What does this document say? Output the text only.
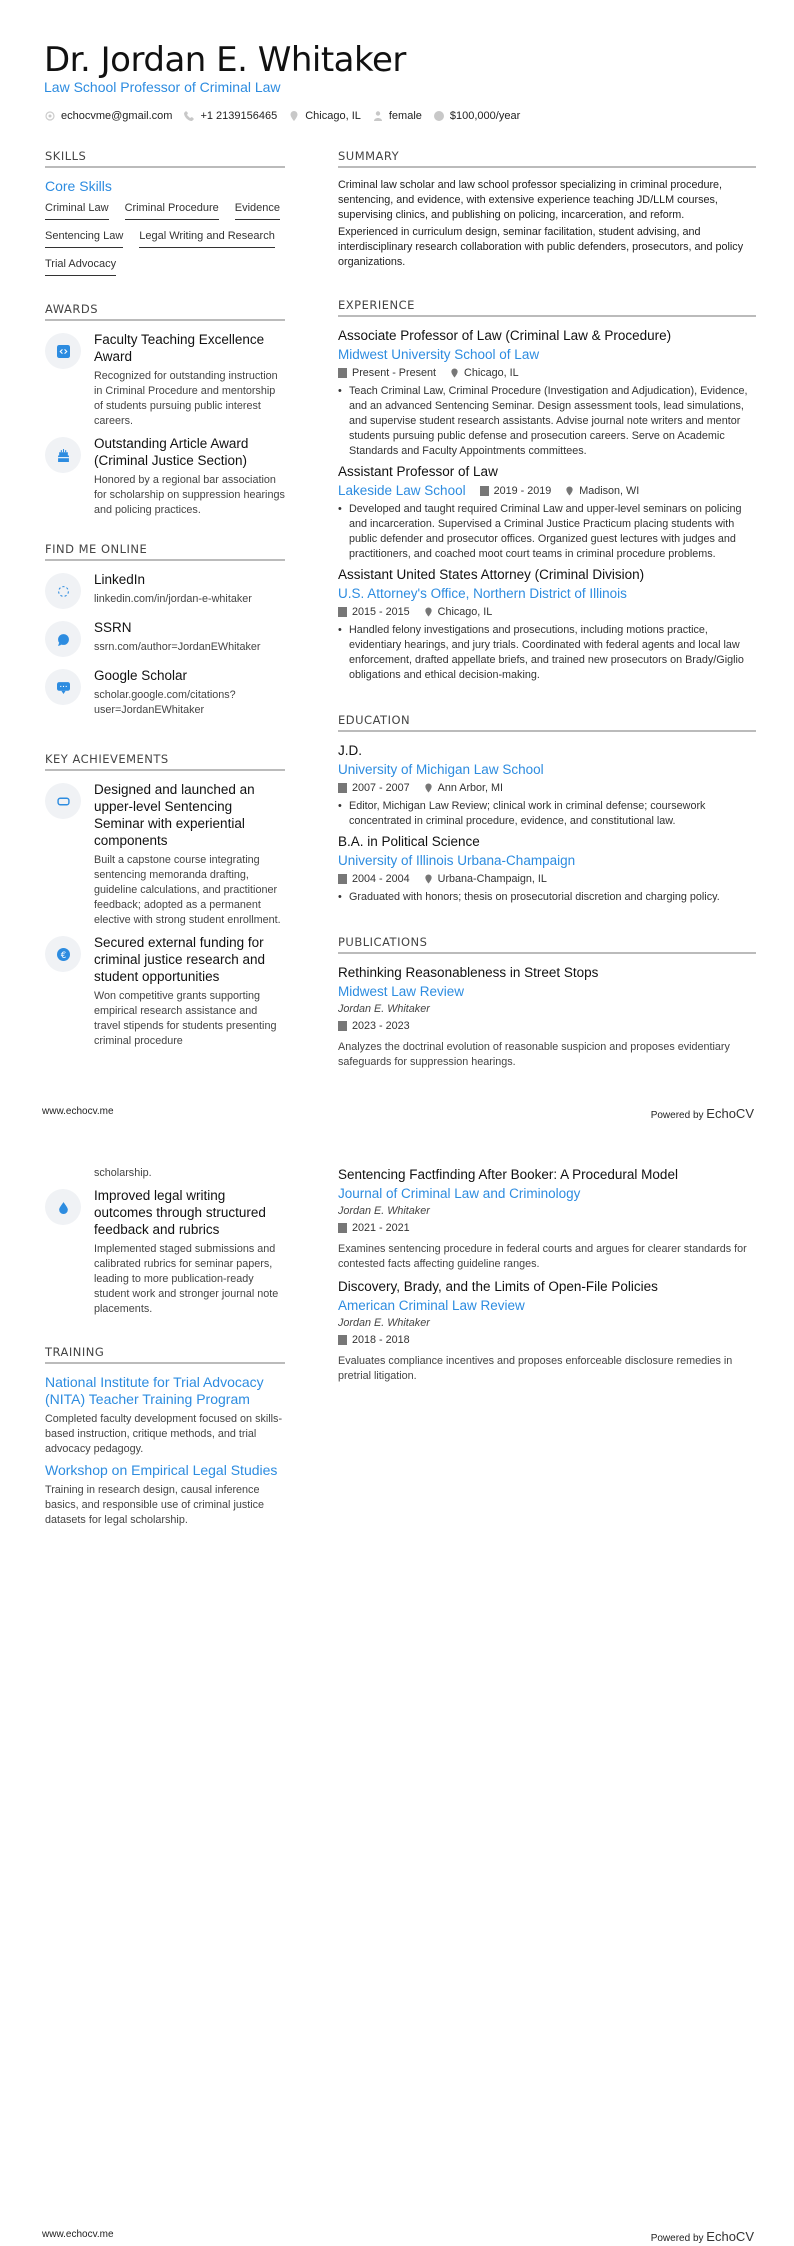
Dr. Jordan E. Whitaker
Law School Professor of Criminal Law
echocvme@gmail.com	+1 2139156465	Chicago, IL	female	$100,000/year
SKILLS
Core Skills
Criminal Law Criminal Procedure Evidence
Sentencing Law Legal Writing and Research
Trial Advocacy
AWARDS
Faculty Teaching Excellence Award
Recognized for outstanding instruction in Criminal Procedure and mentorship of students pursuing public interest careers.
Outstanding Article Award (Criminal Justice Section)
Honored by a regional bar association for scholarship on suppression hearings and policing practices.
FIND ME ONLINE
LinkedIn
linkedin.com/in/jordan-e-whitaker
SSRN
ssrn.com/author=JordanEWhitaker
Google Scholar
scholar.google.com/citations? user=JordanEWhitaker
KEY ACHIEVEMENTS
Designed and launched an upper-level Sentencing Seminar with experiential components
Built a capstone course integrating sentencing memoranda drafting, guideline calculations, and practitioner feedback; adopted as a permanent elective with strong student enrollment.
€
Secured external funding for criminal justice research and student opportunities
Won competitive grants supporting empirical research assistance and travel stipends for students presenting criminal procedure
SUMMARY

Criminal law scholar and law school professor specializing in criminal procedure, sentencing, and evidence, with extensive experience teaching JD/LLM courses, supervising clinics, and publishing on policing, incarceration, and reform.

Experienced in curriculum design, seminar facilitation, student advising, and interdisciplinary research collaboration with public defenders, prosecutors, and policy organizations.

EXPERIENCE
Associate Professor of Law (Criminal Law & Procedure)
Midwest University School of Law
Present - Present	Chicago, IL
• Teach Criminal Law, Criminal Procedure (Investigation and Adjudication), Evidence, and an advanced Sentencing Seminar. Design assessment tools, lead simulations, and supervise student research assistants. Advise journal note writers and mentor students pursuing public defense and prosecution careers. Serve on Academic Standards and Faculty Appointments committees.
Assistant Professor of Law
Lakeside Law School	2019 - 2019	Madison, WI
• Developed and taught required Criminal Law and upper-level seminars on policing and incarceration. Supervised a Criminal Justice Practicum placing students with public defender and prosecutor offices. Organized guest lectures with judges and practitioners, and coached moot court teams in criminal procedure problems.
Assistant United States Attorney (Criminal Division)
U.S. Attorney's Office, Northern District of Illinois
2015 - 2015	Chicago, IL
• Handled felony investigations and prosecutions, including motions practice, evidentiary hearings, and jury trials. Coordinated with federal agents and local law enforcement, drafted appellate briefs, and trained new prosecutors on Brady/Giglio obligations and ethical decision-making.
EDUCATION
J.D.
University of Michigan Law School
2007 - 2007	Ann Arbor, MI
• Editor, Michigan Law Review; clinical work in criminal defense; coursework concentrated in criminal procedure, evidence, and constitutional law.
B.A. in Political Science
University of Illinois Urbana-Champaign
2004 - 2004	Urbana-Champaign, IL
• Graduated with honors; thesis on prosecutorial discretion and charging policy.
PUBLICATIONS
Rethinking Reasonableness in Street Stops
Midwest Law Review
Jordan E. Whitaker
2023 - 2023
Analyzes the doctrinal evolution of reasonable suspicion and proposes evidentiary safeguards for suppression hearings.
www.echocv.me	Powered by EchoCV
scholarship.
Improved legal writing outcomes through structured feedback and rubrics
Implemented staged submissions and calibrated rubrics for seminar papers, leading to more publication-ready student work and stronger journal note placements.
TRAINING
National Institute for Trial Advocacy (NITA) Teacher Training Program
Completed faculty development focused on skills-based instruction, critique methods, and trial advocacy pedagogy.
Workshop on Empirical Legal Studies
Training in research design, causal inference basics, and responsible use of criminal justice datasets for legal scholarship.
Sentencing Factfinding After Booker: A Procedural Model
Journal of Criminal Law and Criminology
Jordan E. Whitaker
2021 - 2021
Examines sentencing procedure in federal courts and argues for clearer standards for contested facts affecting guideline ranges.
Discovery, Brady, and the Limits of Open-File Policies
American Criminal Law Review
Jordan E. Whitaker
2018 - 2018
Evaluates compliance incentives and proposes enforceable disclosure remedies in pretrial litigation.
www.echocv.me	Powered by EchoCV
